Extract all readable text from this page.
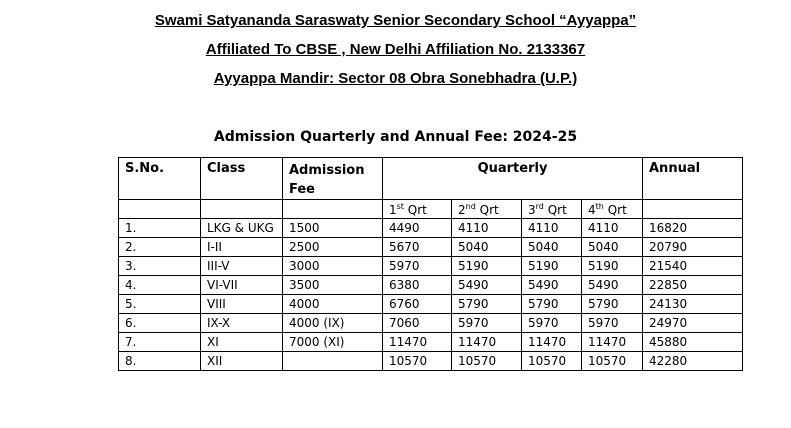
Swami Satyananda Saraswaty Senior Secondary School “Ayyappa”
Affiliated To CBSE , New Delhi Affiliation No. 2133367
Ayyappa Mandir: Sector 08 Obra Sonebhadra (U.P.)
Admission Quarterly and Annual Fee: 2024-25
S.No.	Class	Admission Fee	Quarterly				Annual
			1st Qrt	2nd Qrt	3rd Qrt	4th Qrt	
1.	LKG & UKG	1500	4490	4110	4110	4110	16820
2.	I-II	2500	5670	5040	5040	5040	20790
3.	III-V	3000	5970	5190	5190	5190	21540
4.	VI-VII	3500	6380	5490	5490	5490	22850
5.	VIII	4000	6760	5790	5790	5790	24130
6.	IX-X	4000 (IX)	7060	5970	5970	5970	24970
7.	XI	7000 (XI)	11470	11470	11470	11470	45880
8.	XII		10570	10570	10570	10570	42280
